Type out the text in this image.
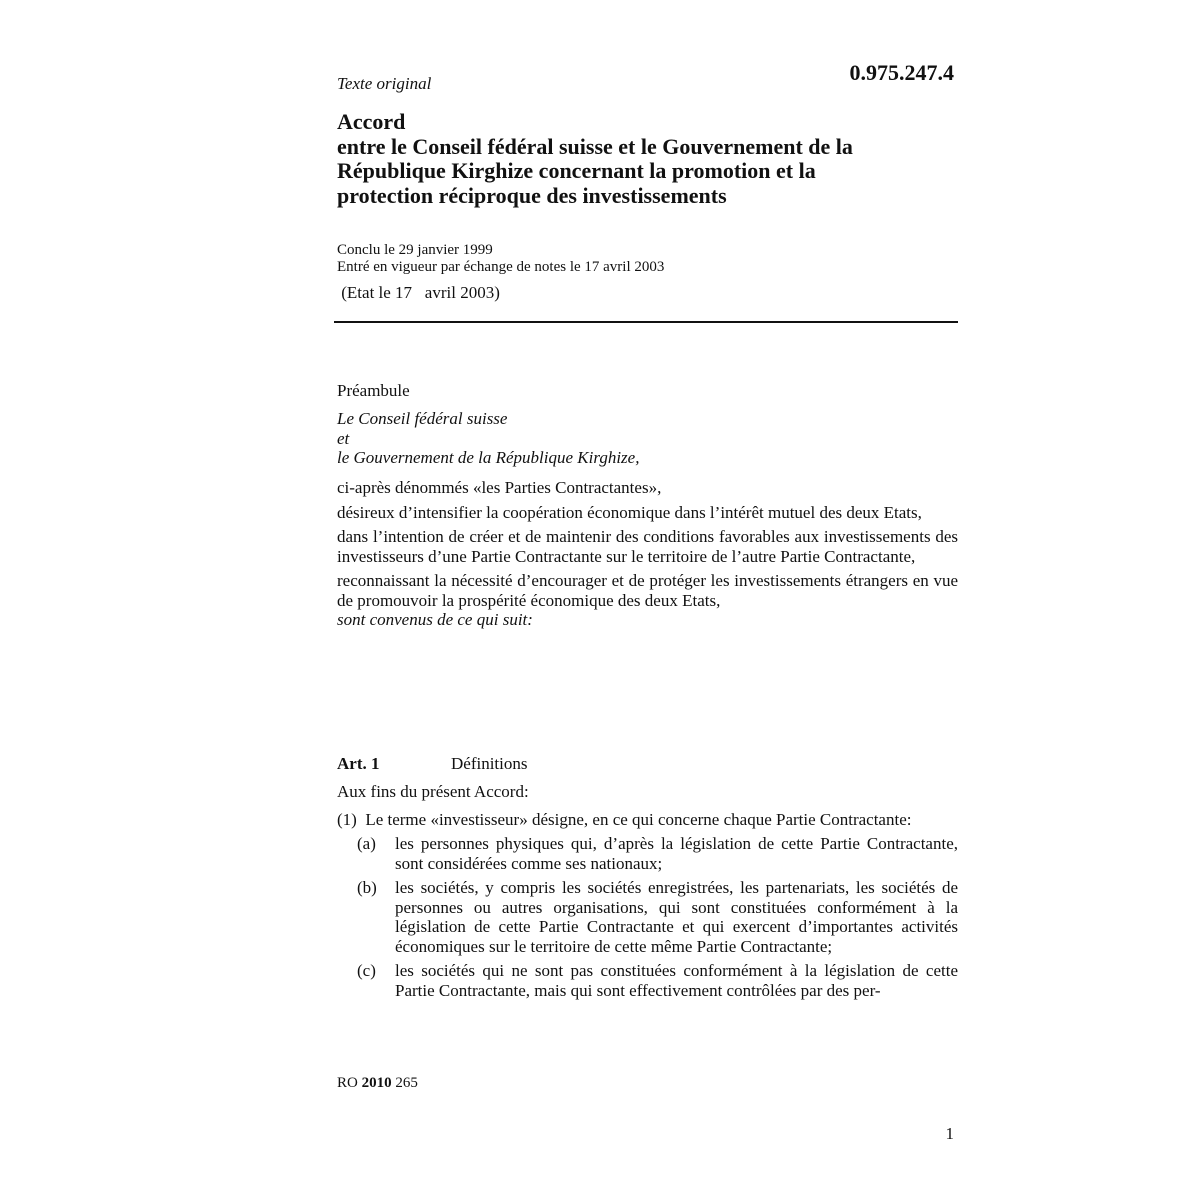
Texte original	0.975.247.4
Accord
entre le Conseil fédéral suisse et le Gouvernement de la
République Kirghize concernant la promotion et la
protection réciproque des investissements
Conclu le 29 janvier 1999
Entré en vigueur par échange de notes le 17 avril 2003
(Etat le 17   avril 2003)
Préambule
Le Conseil fédéral suisse
et
le Gouvernement de la République Kirghize,

ci-après dénommés «les Parties Contractantes»,

désireux d’intensifier la coopération économique dans l’intérêt mutuel des deux Etats,

dans l’intention de créer et de maintenir des conditions favorables aux investissements des investisseurs d’une Partie Contractante sur le territoire de l’autre Partie Contractante,

reconnaissant la nécessité d’encourager et de protéger les investissements étrangers en vue de promouvoir la prospérité économique des deux Etats,

sont convenus de ce qui suit:

Art. 1	Définitions

Aux fins du présent Accord:

(1)  Le terme «investisseur» désigne, en ce qui concerne chaque Partie Contractante:

(a)	les personnes physiques qui, d’après la législation de cette Partie Contractante, sont considérées comme ses nationaux;
(b)	les sociétés, y compris les sociétés enregistrées, les partenariats, les sociétés de personnes ou autres organisations, qui sont constituées conformément à la législation de cette Partie Contractante et qui exercent d’importantes activités économiques sur le territoire de cette même Partie Contractante;
(c)	les sociétés qui ne sont pas constituées conformément à la législation de cette Partie Contractante, mais qui sont effectivement contrôlées par des per-
RO 2010 265
1
